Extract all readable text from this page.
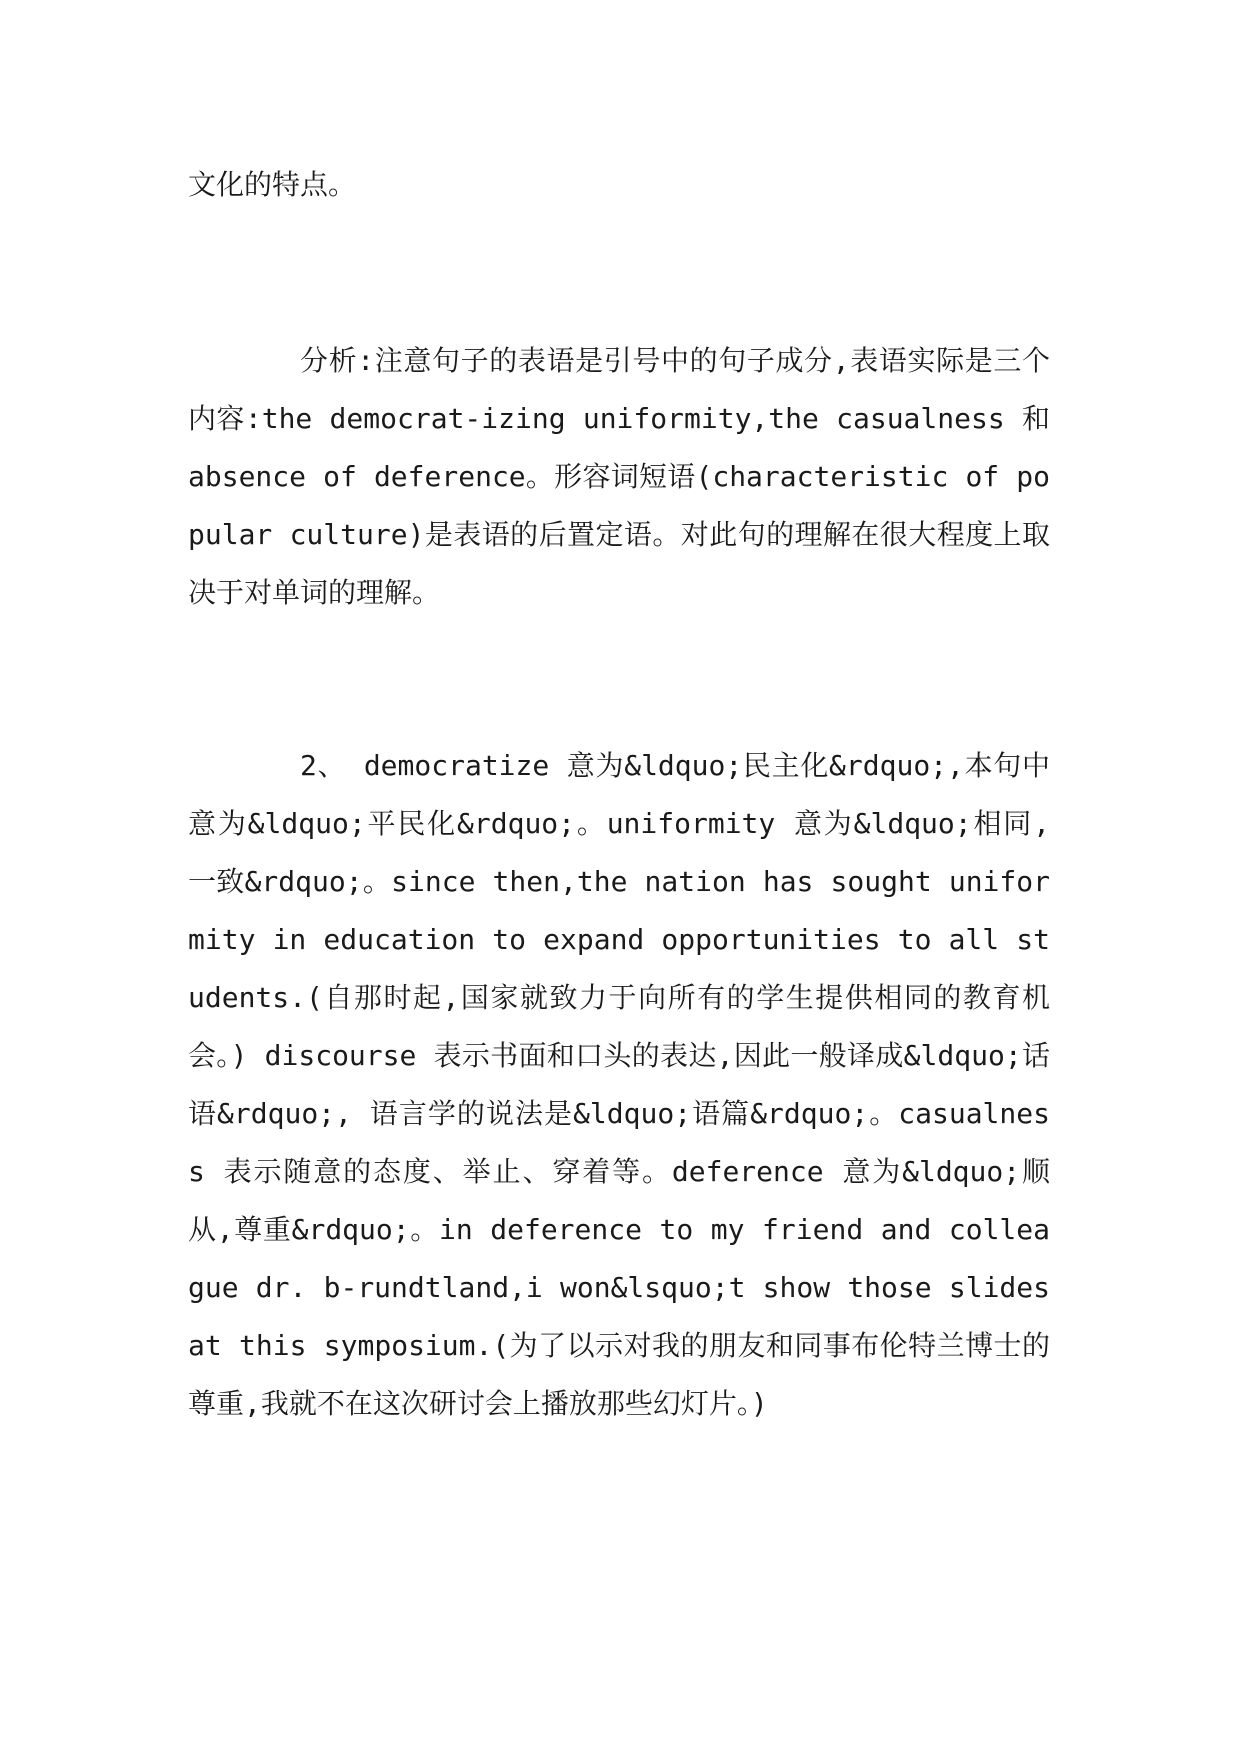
文化的特点。

分析:注意句子的表语是引号中的句子成分,表语实际是三个内容:the democrat-izing uniformity,the casualness 和 absence of deference。形容词短语(characteristic of popular culture)是表语的后置定语。对此句的理解在很大程度上取决于对单词的理解。

2、 democratize 意为&ldquo;民主化&rdquo;,本句中意为&ldquo;平民化&rdquo;。uniformity 意为&ldquo;相同,一致&rdquo;。since then,the nation has sought uniformity in education to expand opportunities to all students.(自那时起,国家就致力于向所有的学生提供相同的教育机会。) discourse 表示书面和口头的表达,因此一般译成&ldquo;话语&rdquo;, 语言学的说法是&ldquo;语篇&rdquo;。casualness 表示随意的态度、举止、穿着等。deference 意为&ldquo;顺从,尊重&rdquo;。in deference to my friend and colleague dr. b-rundtland,i won&lsquo;t show those slides at this symposium.(为了以示对我的朋友和同事布伦特兰博士的尊重,我就不在这次研讨会上播放那些幻灯片。)
